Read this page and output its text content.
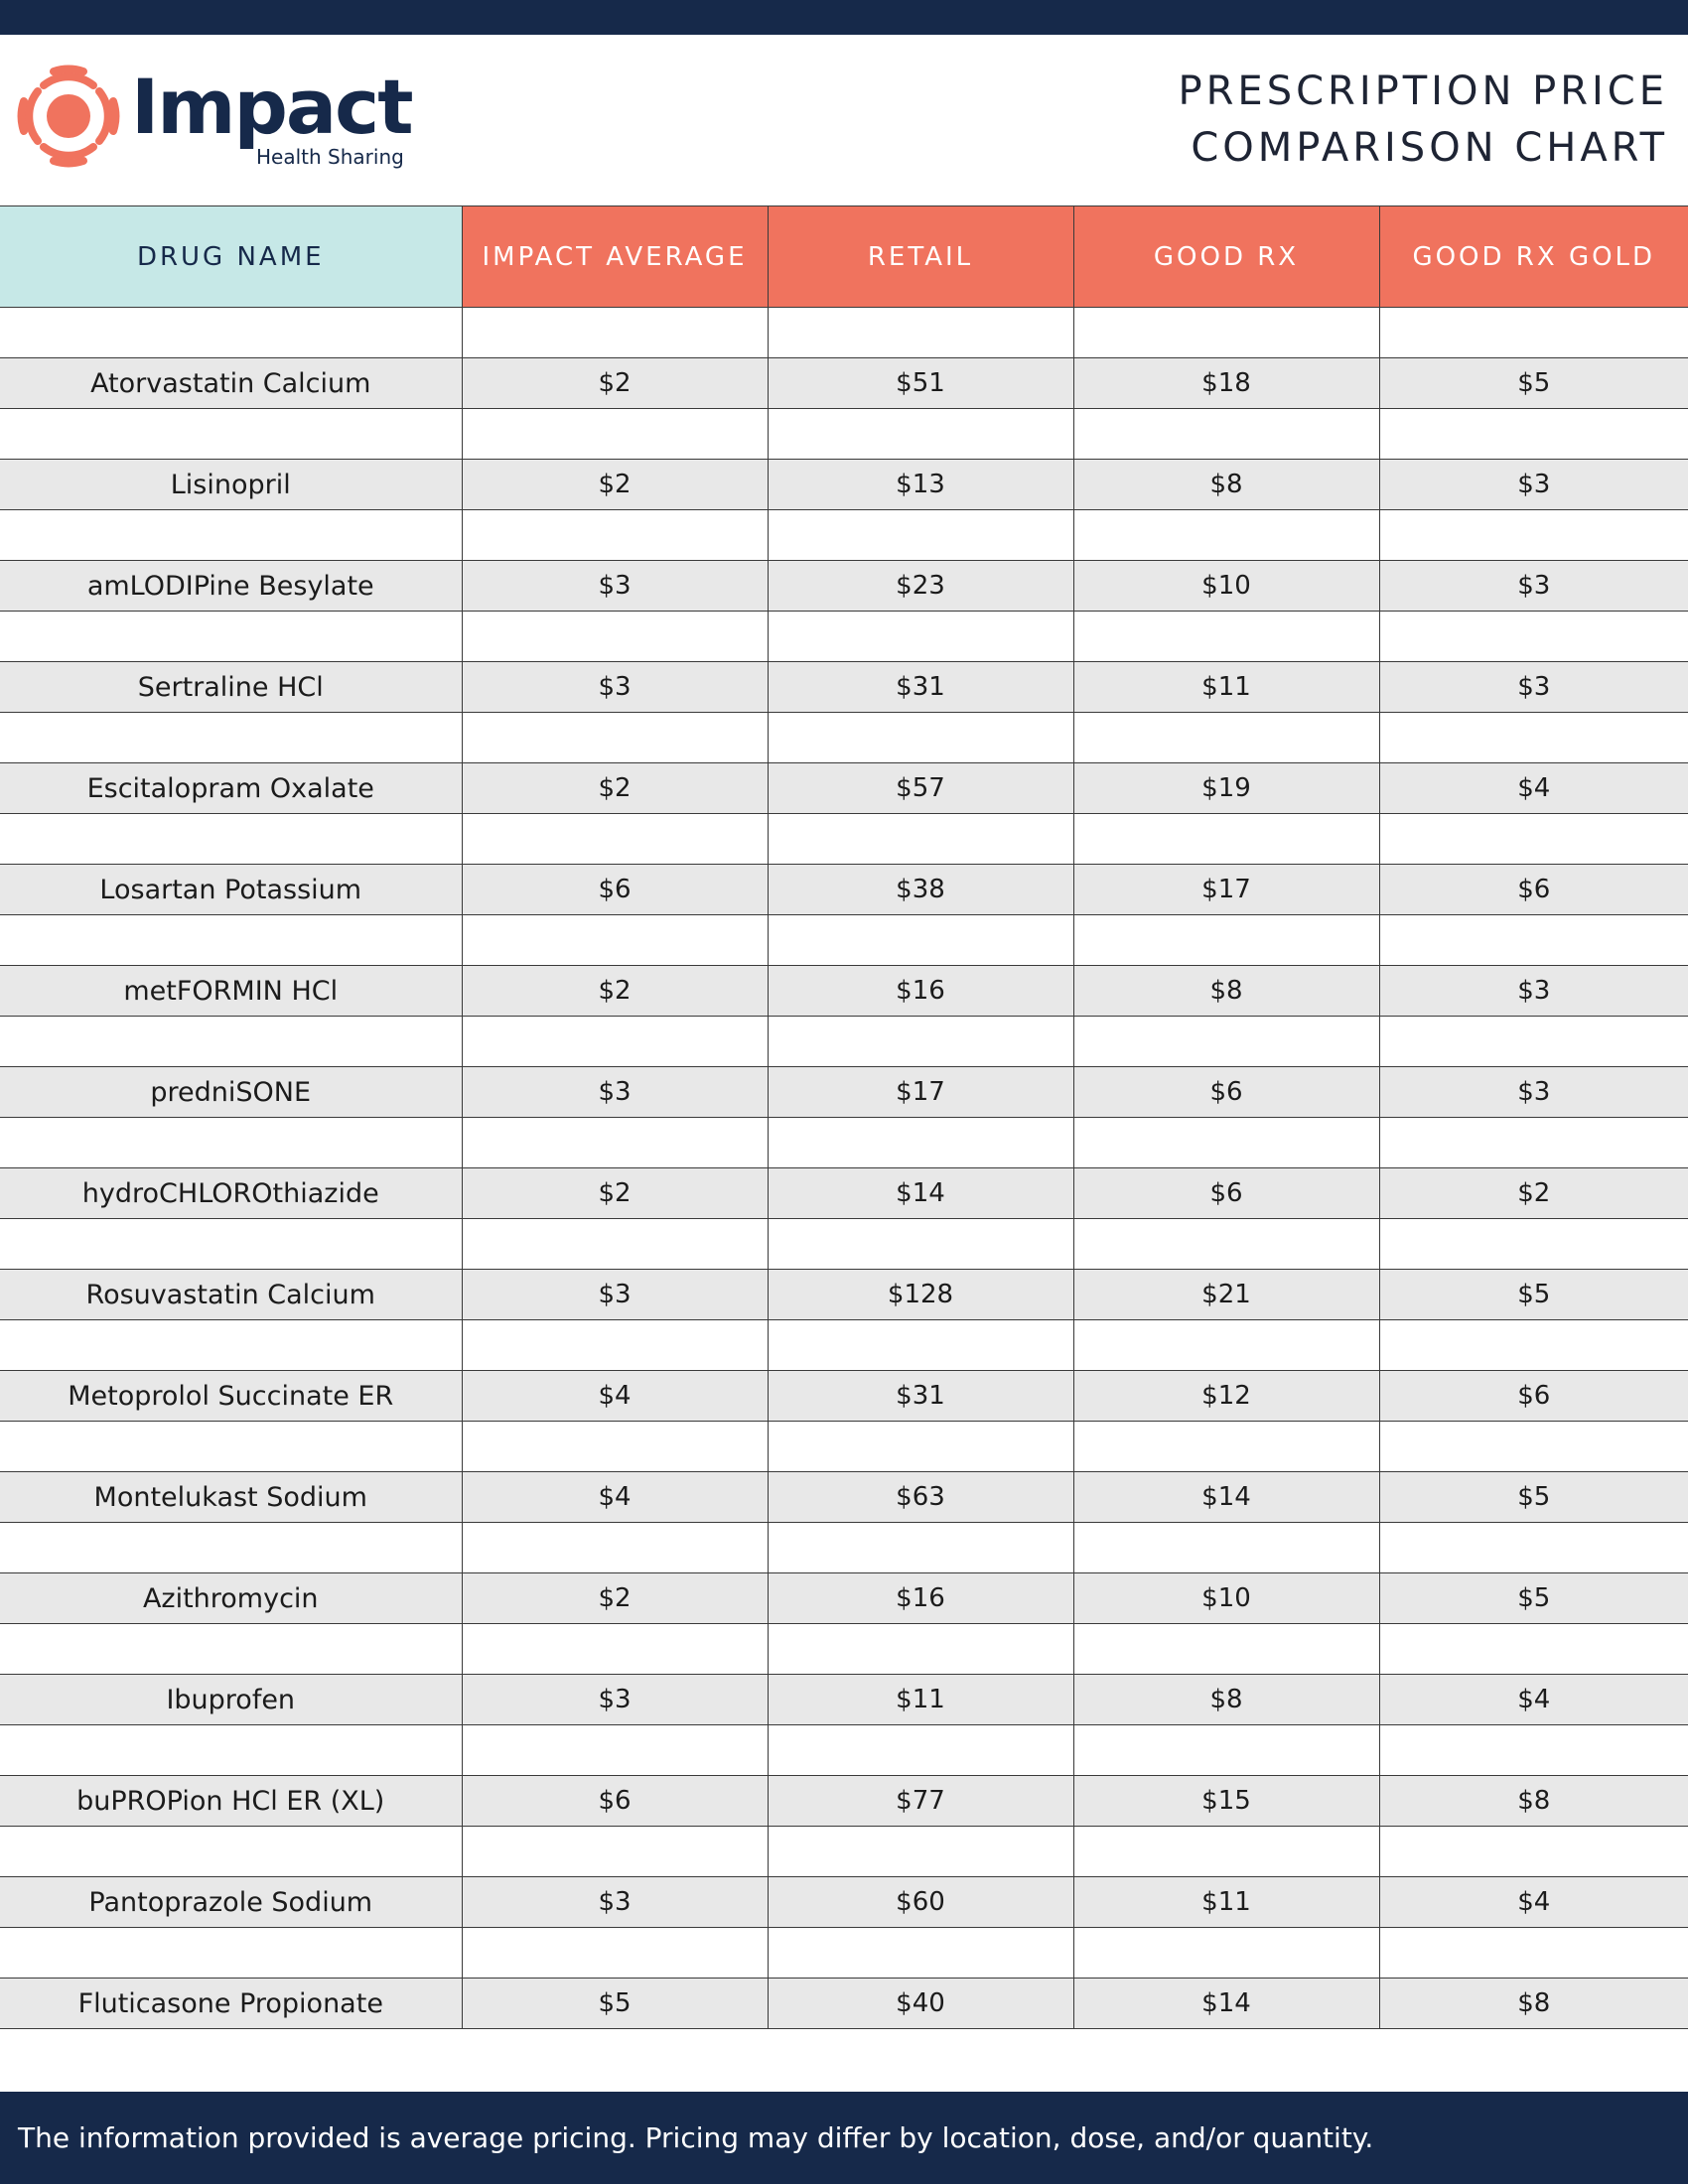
Impact
Health Sharing
PRESCRIPTION PRICE
COMPARISON CHART
DRUG NAME	IMPACT AVERAGE	RETAIL	GOOD RX	GOOD RX GOLD

Atorvastatin Calcium	$2	$51	$18	$5

Lisinopril	$2	$13	$8	$3

amLODIPine Besylate	$3	$23	$10	$3

Sertraline HCl	$3	$31	$11	$3

Escitalopram Oxalate	$2	$57	$19	$4

Losartan Potassium	$6	$38	$17	$6

metFORMIN HCl	$2	$16	$8	$3

predniSONE	$3	$17	$6	$3

hydroCHLOROthiazide	$2	$14	$6	$2

Rosuvastatin Calcium	$3	$128	$21	$5

Metoprolol Succinate ER	$4	$31	$12	$6

Montelukast Sodium	$4	$63	$14	$5

Azithromycin	$2	$16	$10	$5

Ibuprofen	$3	$11	$8	$4

buPROPion HCl ER (XL)	$6	$77	$15	$8

Pantoprazole Sodium	$3	$60	$11	$4

Fluticasone Propionate	$5	$40	$14	$8
The information provided is average pricing. Pricing may differ by location, dose, and/or quantity.
